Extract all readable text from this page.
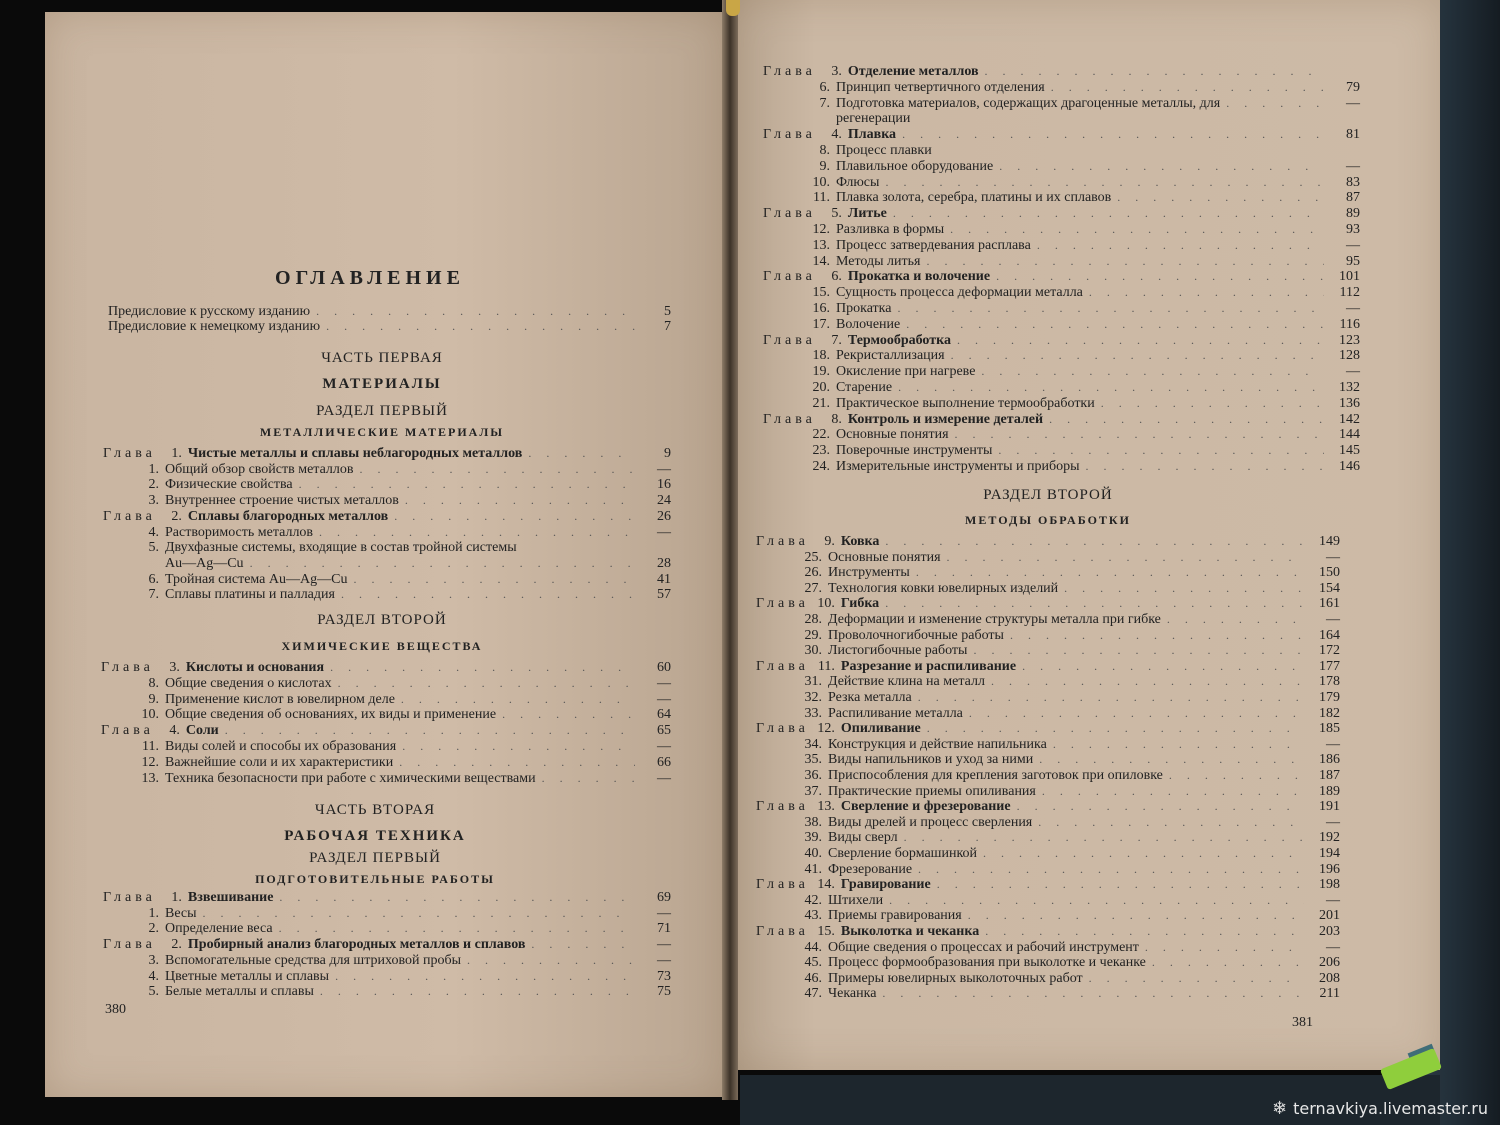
ОГЛАВЛЕНИЕ
Предисловие к русскому изданию . . .	5
Предисловие к немецкому изданию . . .	7
ЧАСТЬ ПЕРВАЯ
МАТЕРИАЛЫ
РАЗДЕЛ ПЕРВЫЙ
МЕТАЛЛИЧЕСКИЕ МАТЕРИАЛЫ
Глава	1. Чистые металлы и сплавы неблагородных металлов . . .	9
1. Общий обзор свойств металлов . . .	—
2. Физические свойства . . .	16
3. Внутреннее строение чистых металлов . . .	24
Глава	2. Сплавы благородных металлов . . .	26
4. Растворимость металлов . . .	—
5. Двухфазные системы, входящие в состав тройной системы
Au—Ag—Cu . . .	28
6. Тройная система Au—Ag—Cu . . .	41
7. Сплавы платины и палладия . . .	57
РАЗДЕЛ ВТОРОЙ
ХИМИЧЕСКИЕ ВЕЩЕСТВА
Глава	3. Кислоты и основания . . .	60
8. Общие сведения о кислотах . . .	—
9. Применение кислот в ювелирном деле . . .	—
10. Общие сведения об основаниях, их виды и применение . . .	64
Глава	4. Соли . . .	65
11. Виды солей и способы их образования . . .	—
12. Важнейшие соли и их характеристики . . .	66
13. Техника безопасности при работе с химическими веществами . . .	—
ЧАСТЬ ВТОРАЯ
РАБОЧАЯ ТЕХНИКА
РАЗДЕЛ ПЕРВЫЙ
ПОДГОТОВИТЕЛЬНЫЕ РАБОТЫ
Глава	1. Взвешивание . . .	69
1. Весы . . .	—
2. Определение веса . . .	71
Глава	2. Пробирный анализ благородных металлов и сплавов . . .	—
3. Вспомогательные средства для штриховой пробы . . .	—
4. Цветные металлы и сплавы . . .	73
5. Белые металлы и сплавы . . .	75
380
Глава	3. Отделение металлов
. . .
6. Принцип четвертичного отделения . . .	79
7. Подготовка материалов, содержащих драгоценные металлы, для . . .	—
регенерации
Глава	4. Плавка . . .	81
8. Процесс плавки
9. Плавильное оборудование . . .	—
10. Флюсы . . .	83
11. Плавка золота, серебра, платины и их сплавов . . .	87
Глава	5. Литье . . .	89
12. Разливка в формы . . .	93
13. Процесс затвердевания расплава . . .	—
14. Методы литья . . .	95
Глава	6. Прокатка и волочение . . .	101
15. Сущность процесса деформации металла . . .	112
16. Прокатка . . .	—
17. Волочение . . .	116
Глава	7. Термообработка . . .	123
18. Рекристаллизация . . .	128
19. Окисление при нагреве . . .	—
20. Старение . . .	132
21. Практическое выполнение термообработки . . .	136
Глава	8. Контроль и измерение деталей . . .	142
22. Основные понятия . . .	144
23. Поверочные инструменты . . .	145
24. Измерительные инструменты и приборы . . .	146
РАЗДЕЛ ВТОРОЙ
МЕТОДЫ ОБРАБОТКИ
Глава	9. Ковка . . .	149
25. Основные понятия . . .	—
26. Инструменты . . .	150
27. Технология ковки ювелирных изделий . . .	154
Глава 10. Гибка . . .	161
28. Деформации и изменение структуры металла при гибке . . .	—
29. Проволочногибочные работы . . .	164
30. Листогибочные работы . . .	172
Глава 11. Разрезание и распиливание . . .	177
31. Действие клина на металл . . .	178
32. Резка металла . . .	179
33. Распиливание металла . . .	182
Глава 12. Опиливание . . .	185
34. Конструкция и действие напильника . . .	—
35. Виды напильников и уход за ними . . .	186
36. Приспособления для крепления заготовок при опиловке . . .	187
37. Практические приемы опиливания . . .	189
Глава 13. Сверление и фрезерование . . .	191
38. Виды дрелей и процесс сверления . . .	—
39. Виды сверл . . .	192
40. Сверление бормашинкой . . .	194
41. Фрезерование . . .	196
Глава 14. Гравирование . . .	198
42. Штихели . . .	—
43. Приемы гравирования . . .	201
Глава 15. Выколотка и чеканка . . .	203
44. Общие сведения о процессах и рабочий инструмент . . .	—
45. Процесс формообразования при выколотке и чеканке . . .	206
46. Примеры ювелирных выколоточных работ . . .	208
47. Чеканка . . .	211
381
❄ ternavkiya.livemaster.ru
